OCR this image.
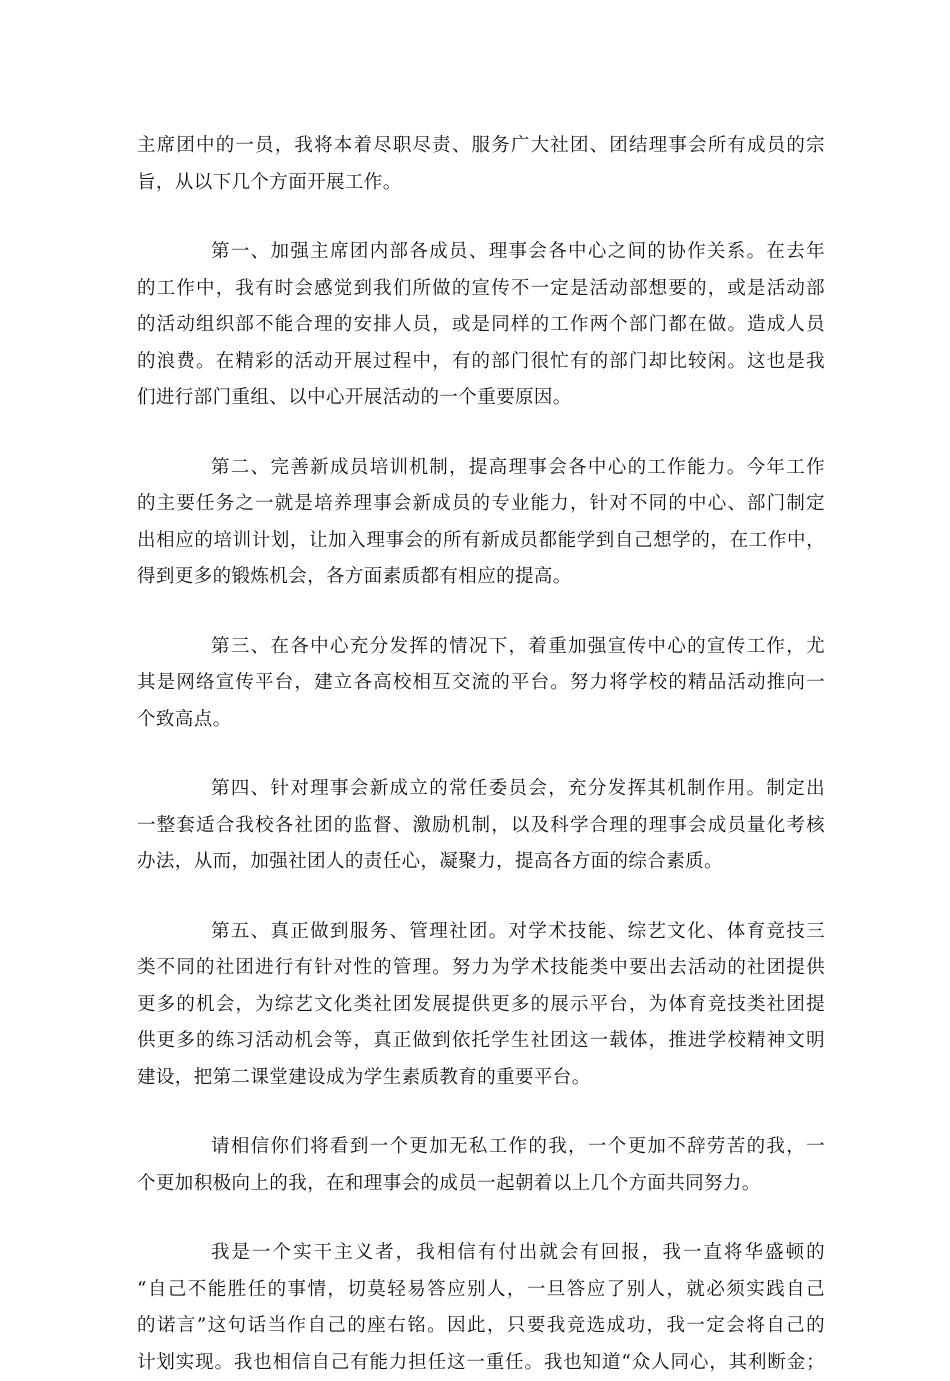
主席团中的一员，我将本着尽职尽责、服务广大社团、团结理事会所有成员的宗
旨，从以下几个方面开展工作。

第一、加强主席团内部各成员、理事会各中心之间的协作关系。在去年
的工作中，我有时会感觉到我们所做的宣传不一定是活动部想要的，或是活动部
的活动组织部不能合理的安排人员，或是同样的工作两个部门都在做。造成人员
的浪费。在精彩的活动开展过程中，有的部门很忙有的部门却比较闲。这也是我
们进行部门重组、以中心开展活动的一个重要原因。

第二、完善新成员培训机制，提高理事会各中心的工作能力。今年工作
的主要任务之一就是培养理事会新成员的专业能力，针对不同的中心、部门制定
出相应的培训计划，让加入理事会的所有新成员都能学到自己想学的，在工作中，
得到更多的锻炼机会，各方面素质都有相应的提高。

第三、在各中心充分发挥的情况下，着重加强宣传中心的宣传工作，尤
其是网络宣传平台，建立各高校相互交流的平台。努力将学校的精品活动推向一
个致高点。

第四、针对理事会新成立的常任委员会，充分发挥其机制作用。制定出
一整套适合我校各社团的监督、激励机制，以及科学合理的理事会成员量化考核
办法，从而，加强社团人的责任心，凝聚力，提高各方面的综合素质。

第五、真正做到服务、管理社团。对学术技能、综艺文化、体育竞技三
类不同的社团进行有针对性的管理。努力为学术技能类中要出去活动的社团提供
更多的机会，为综艺文化类社团发展提供更多的展示平台，为体育竞技类社团提
供更多的练习活动机会等，真正做到依托学生社团这一载体，推进学校精神文明
建设，把第二课堂建设成为学生素质教育的重要平台。

请相信你们将看到一个更加无私工作的我，一个更加不辞劳苦的我，一
个更加积极向上的我，在和理事会的成员一起朝着以上几个方面共同努力。

我是一个实干主义者，我相信有付出就会有回报，我一直将华盛顿的
“自己不能胜任的事情，切莫轻易答应别人，一旦答应了别人，就必须实践自己
的诺言”这句话当作自己的座右铭。因此，只要我竞选成功，我一定会将自己的
计划实现。我也相信自己有能力担任这一重任。我也知道“众人同心，其利断金；
